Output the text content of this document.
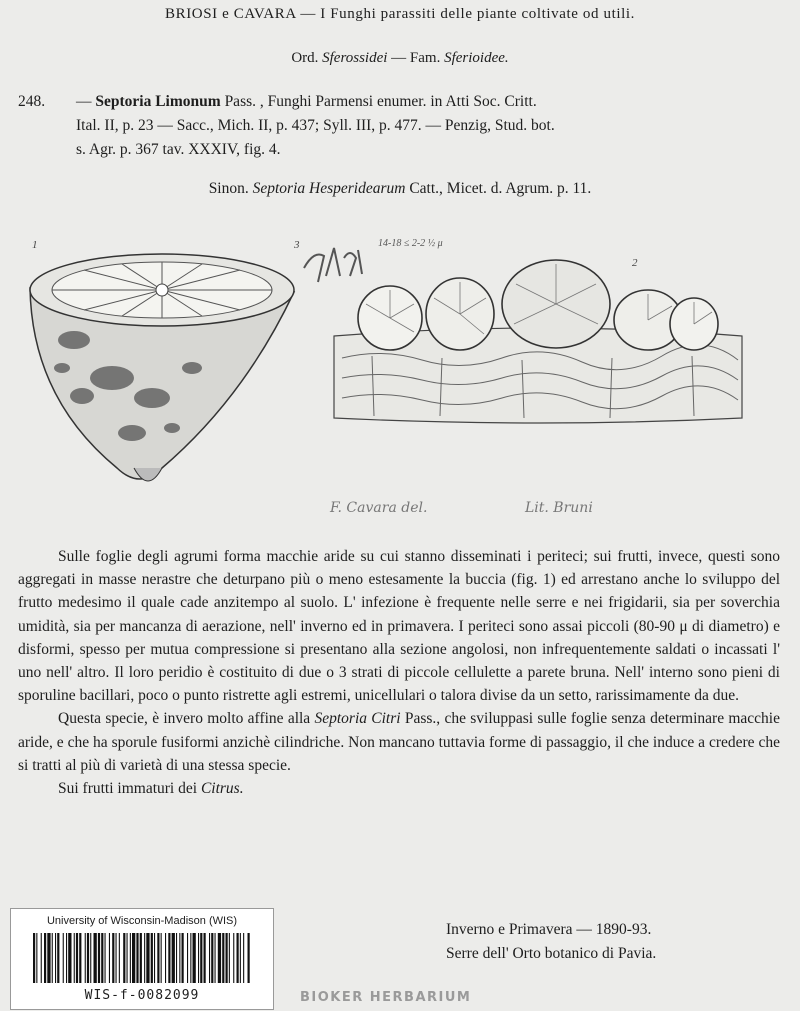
BRIOSI e CAVARA — I Funghi parassiti delle piante coltivate od utili.
Ord. Sferossidei — Fam. Sferioidee.
248. — Septoria Limonum Pass. , Funghi Parmensi enumer. in Atti Soc. Critt.
Ital. II, p. 23 — Sacc., Mich. II, p. 437; Syll. III, p. 477. — Penzig, Stud. bot.
s. Agr. p. 367 tav. XXXIV, fig. 4.
Sinon. Septoria Hesperidearum Catt., Micet. d. Agrum. p. 11.
1	3
2
14-18 ≤ 2-2 ½ μ
F. Cavara del.	Lit. Bruni

Sulle foglie degli agrumi forma macchie aride su cui stanno disseminati i periteci; sui frutti, invece, questi sono aggregati in masse nerastre che deturpano più o meno estesamente la buccia (fig. 1) ed arrestano anche lo sviluppo del frutto medesimo il quale cade anzitempo al suolo. L' infezione è frequente nelle serre e nei frigidarii, sia per soverchia umidità, sia per mancanza di aerazione, nell' inverno ed in primavera. I periteci sono assai piccoli (80-90 μ di diametro) e disformi, spesso per mutua compressione si presentano alla sezione angolosi, non infrequentemente saldati o incassati l' uno nell' altro. Il loro peridio è costituito di due o 3 strati di piccole cellulette a parete bruna. Nell' interno sono pieni di sporuline bacillari, poco o punto ristrette agli estremi, unicellulari o talora divise da un setto, rarissimamente da due.

Questa specie, è invero molto affine alla Septoria Citri Pass., che sviluppasi sulle foglie senza determinare macchie aride, e che ha sporule fusiformi anzichè cilindriche. Non mancano tuttavia forme di passaggio, il che induce a credere che si tratti al più di varietà di una stessa specie.

Sui frutti immaturi dei Citrus.

Inverno e Primavera — 1890-93.
Serre dell' Orto botanico di Pavia.
University of Wisconsin-Madison (WIS)
WIS-f-0082099	BIOKER HERBARIUM
